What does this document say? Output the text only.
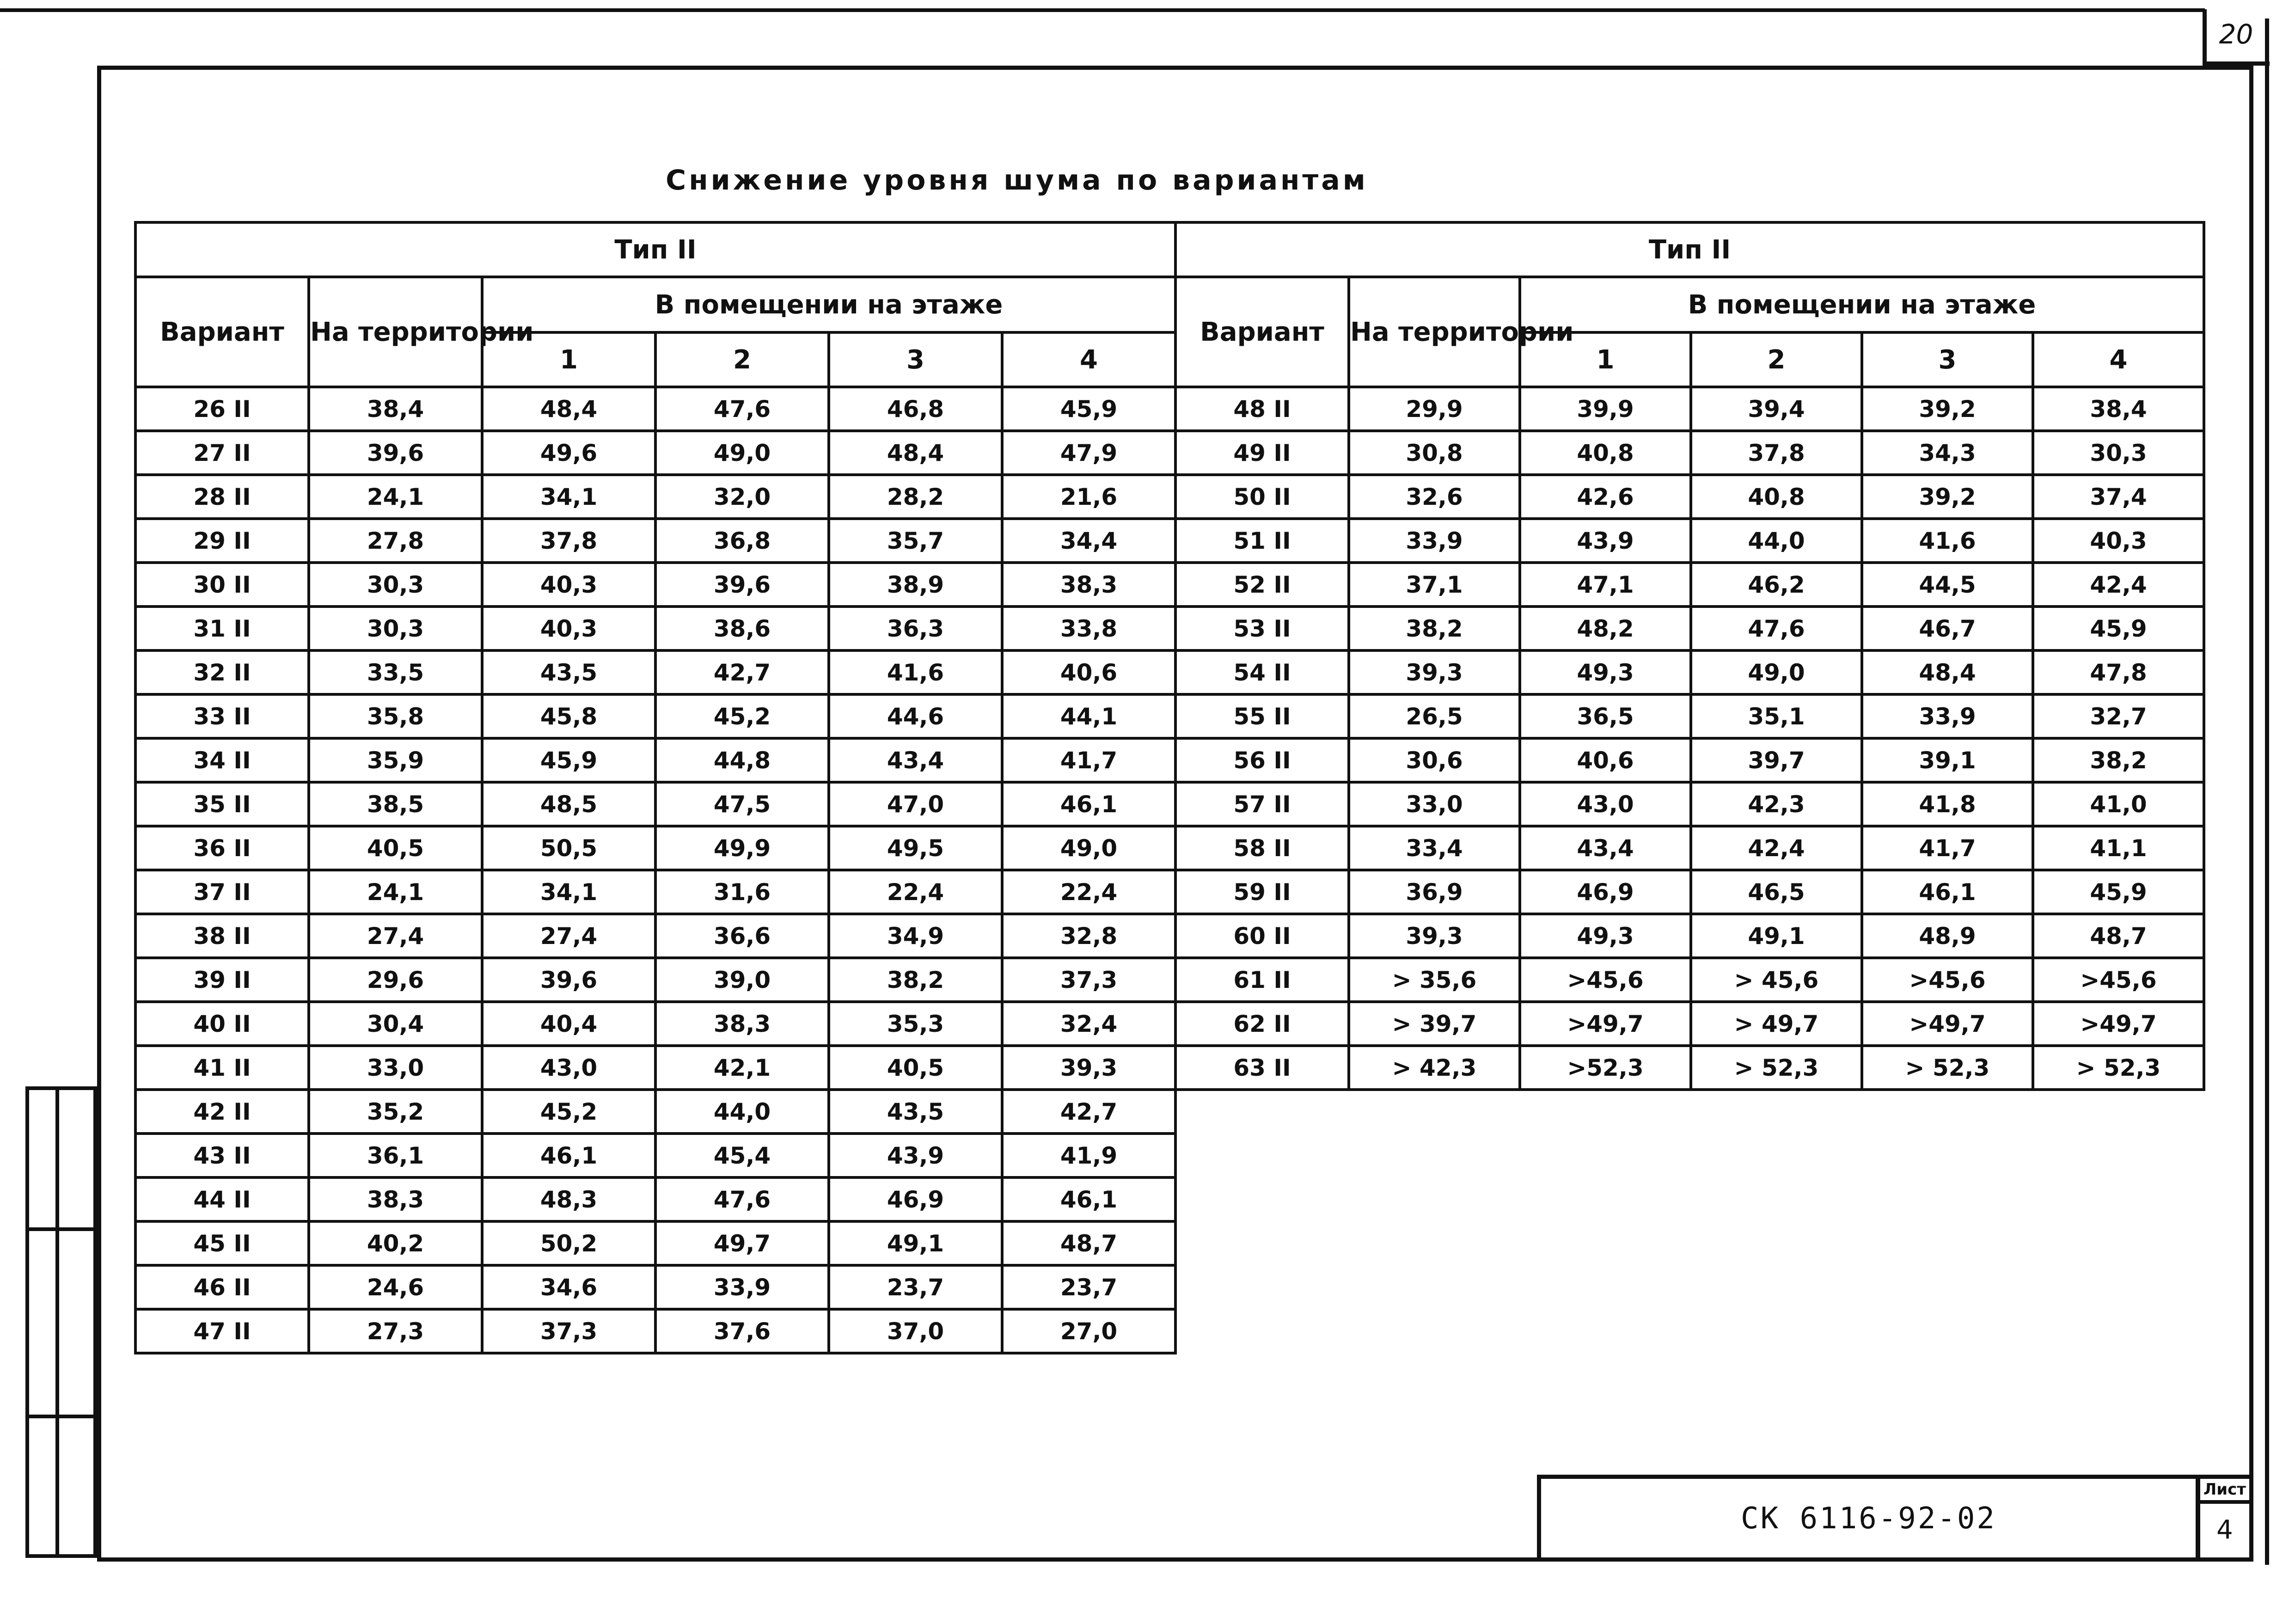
20
Снижение уровня шума по вариантам
Тип II					
Вариант	На территории	В помещении на этаже			
		1	2	3	4
26 II	38,4	48,4	47,6	46,8	45,9
27 II	39,6	49,6	49,0	48,4	47,9
28 II	24,1	34,1	32,0	28,2	21,6
29 II	27,8	37,8	36,8	35,7	34,4
30 II	30,3	40,3	39,6	38,9	38,3
31 II	30,3	40,3	38,6	36,3	33,8
32 II	33,5	43,5	42,7	41,6	40,6
33 II	35,8	45,8	45,2	44,6	44,1
34 II	35,9	45,9	44,8	43,4	41,7
35 II	38,5	48,5	47,5	47,0	46,1
36 II	40,5	50,5	49,9	49,5	49,0
37 II	24,1	34,1	31,6	22,4	22,4
38 II	27,4	27,4	36,6	34,9	32,8
39 II	29,6	39,6	39,0	38,2	37,3
40 II	30,4	40,4	38,3	35,3	32,4
41 II	33,0	43,0	42,1	40,5	39,3
42 II	35,2	45,2	44,0	43,5	42,7
43 II	36,1	46,1	45,4	43,9	41,9
44 II	38,3	48,3	47,6	46,9	46,1
45 II	40,2	50,2	49,7	49,1	48,7
46 II	24,6	34,6	33,9	23,7	23,7
47 II	27,3	37,3	37,6	37,0	27,0
Тип II					
Вариант	На территории	В помещении на этаже			
		1	2	3	4
48 II	29,9	39,9	39,4	39,2	38,4
49 II	30,8	40,8	37,8	34,3	30,3
50 II	32,6	42,6	40,8	39,2	37,4
51 II	33,9	43,9	44,0	41,6	40,3
52 II	37,1	47,1	46,2	44,5	42,4
53 II	38,2	48,2	47,6	46,7	45,9
54 II	39,3	49,3	49,0	48,4	47,8
55 II	26,5	36,5	35,1	33,9	32,7
56 II	30,6	40,6	39,7	39,1	38,2
57 II	33,0	43,0	42,3	41,8	41,0
58 II	33,4	43,4	42,4	41,7	41,1
59 II	36,9	46,9	46,5	46,1	45,9
60 II	39,3	49,3	49,1	48,9	48,7
61 II	> 35,6	>45,6	> 45,6	>45,6	>45,6
62 II	> 39,7	>49,7	> 49,7	>49,7	>49,7
63 II	> 42,3	>52,3	> 52,3	> 52,3	> 52,3
СК 6116-92-02
Лист
4
